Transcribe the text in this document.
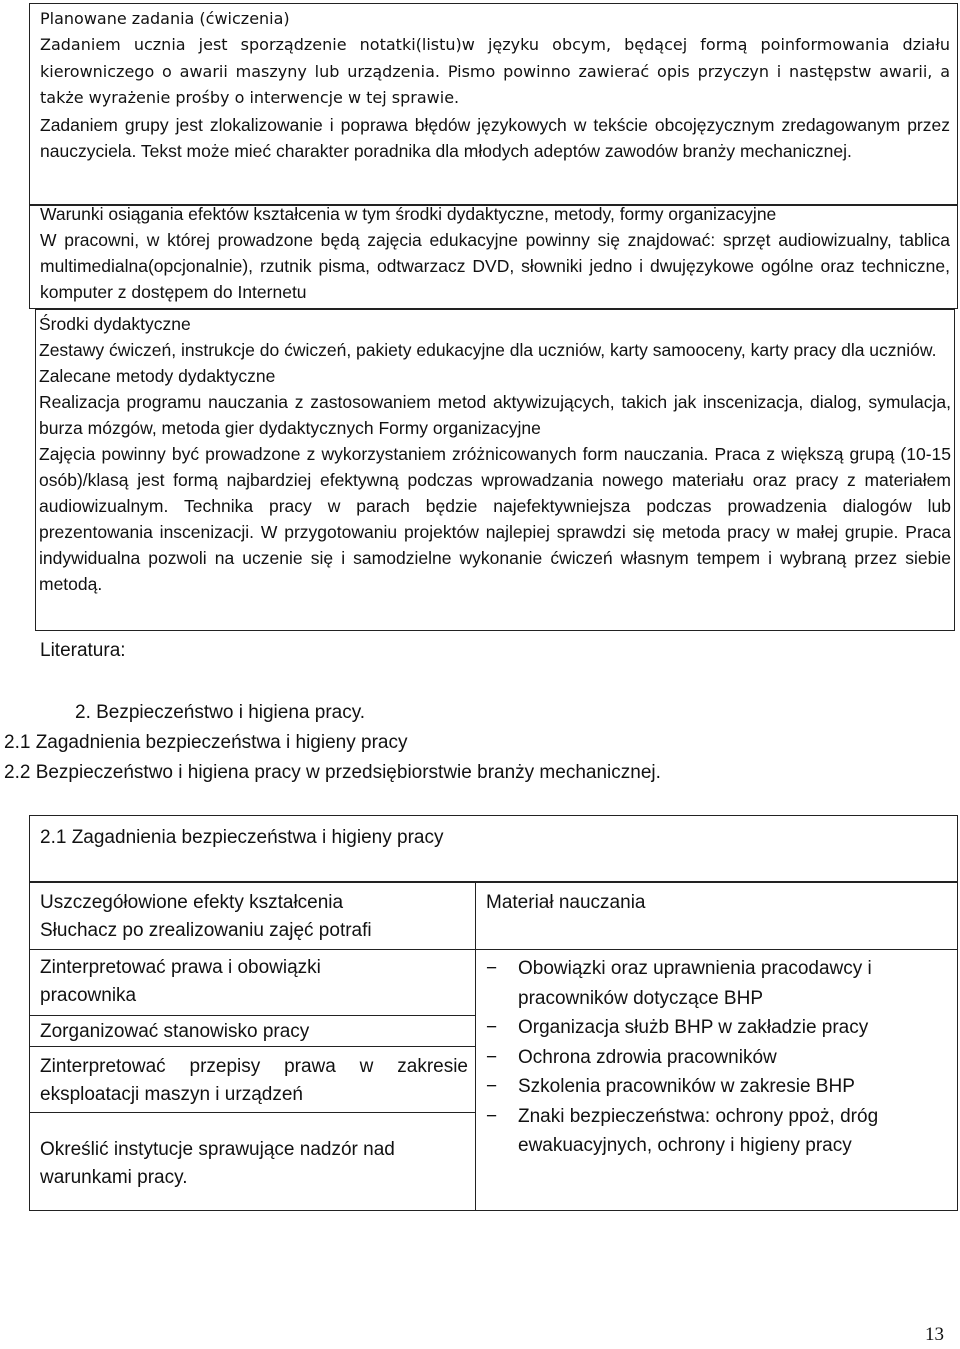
Planowane zadania (ćwiczenia)

Zadaniem ucznia jest sporządzenie notatki(listu)w języku obcym, będącej formą poinformowania działu kierowniczego o awarii maszyny lub urządzenia. Pismo powinno zawierać opis przyczyn i następstw awarii, a także wyrażenie prośby o interwencje w tej sprawie.

Zadaniem grupy jest zlokalizowanie i poprawa błędów językowych w tekście obcojęzycznym zredagowanym przez nauczyciela. Tekst może mieć charakter poradnika dla młodych adeptów zawodów branży mechanicznej.

Warunki osiągania efektów kształcenia w tym środki dydaktyczne, metody, formy organizacyjne

W pracowni, w której prowadzone będą zajęcia edukacyjne powinny się znajdować: sprzęt audiowizualny, tablica multimedialna(opcjonalnie), rzutnik pisma, odtwarzacz DVD, słowniki jedno i dwujęzykowe ogólne oraz techniczne, komputer z dostępem do Internetu

Środki dydaktyczne

Zestawy ćwiczeń, instrukcje do ćwiczeń, pakiety edukacyjne dla uczniów, karty samooceny, karty pracy dla uczniów.

Zalecane metody dydaktyczne

Realizacja programu nauczania z zastosowaniem metod aktywizujących, takich jak inscenizacja, dialog, symulacja, burza mózgów, metoda gier dydaktycznych Formy organizacyjne

Zajęcia powinny być prowadzone z wykorzystaniem zróżnicowanych form nauczania. Praca z większą grupą (10-15 osób)/klasą jest formą najbardziej efektywną podczas wprowadzania nowego materiału oraz pracy z materiałem audiowizualnym. Technika pracy w parach będzie najefektywniejsza podczas prowadzenia dialogów lub prezentowania inscenizacji. W przygotowaniu projektów najlepiej sprawdzi się metoda pracy w małej grupie. Praca indywidualna pozwoli na uczenie się i samodzielne wykonanie ćwiczeń własnym tempem i wybraną przez siebie metodą.

Literatura:
2. Bezpieczeństwo i higiena pracy.
2.1 Zagadnienia bezpieczeństwa i higieny pracy
2.2 Bezpieczeństwo i higiena pracy w przedsiębiorstwie branży mechanicznej.
2.1 Zagadnienia bezpieczeństwa i higieny pracy

Uszczegółowione efekty kształcenia

Słuchacz po zrealizowaniu zajęć potrafi

Materiał nauczania
Zinterpretować prawa i obowiązki pracownika
Zorganizować stanowisko pracy
Zinterpretować przepisy prawa w zakresie eksploatacji maszyn i urządzeń
Określić instytucje sprawujące nadzór nad warunkami pracy.
− Obowiązki oraz uprawnienia pracodawcy i pracowników dotyczące BHP
− Organizacja służb BHP w zakładzie pracy
− Ochrona zdrowia pracowników
− Szkolenia pracowników w zakresie BHP
− Znaki bezpieczeństwa: ochrony ppoż, dróg ewakuacyjnych, ochrony i higieny pracy
13
